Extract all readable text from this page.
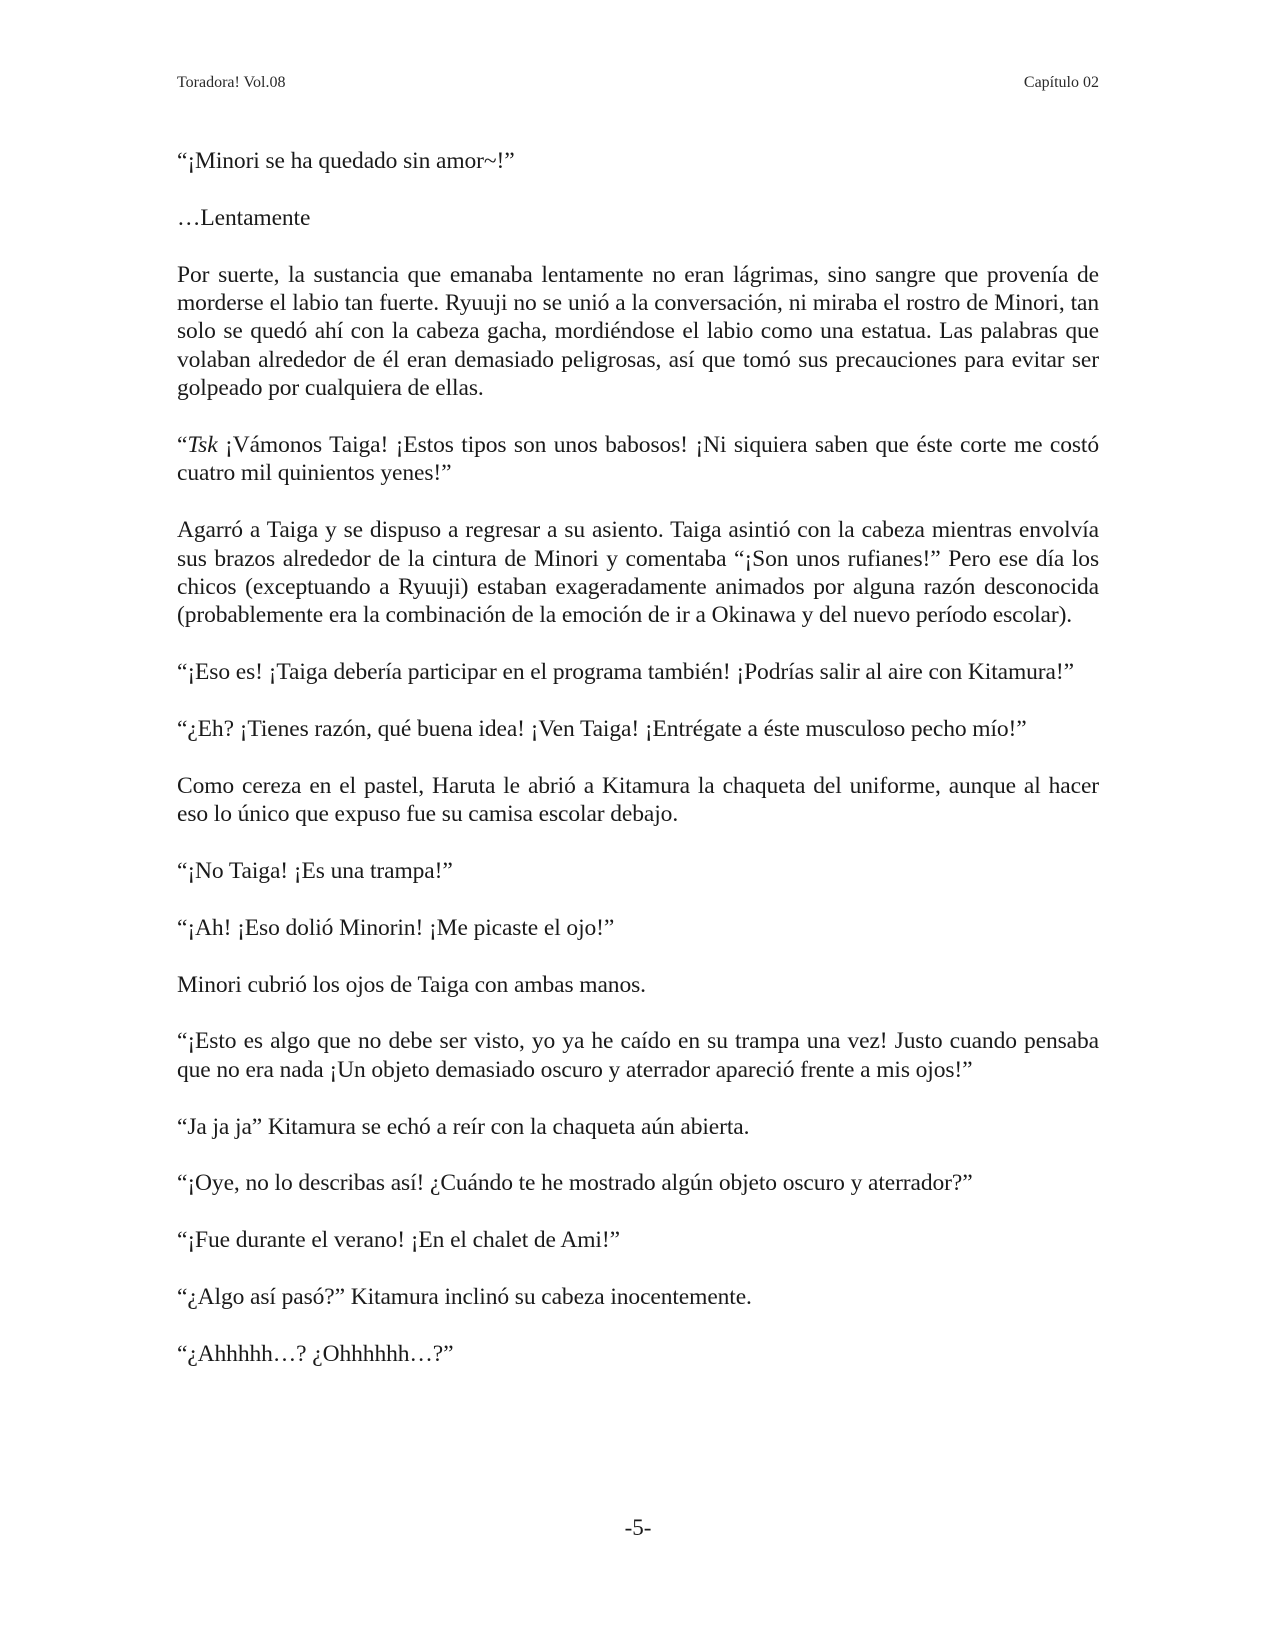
Toradora! Vol.08	Capítulo 02

“¡Minori se ha quedado sin amor~!”

…Lentamente

Por suerte, la sustancia que emanaba lentamente no eran lágrimas, sino sangre que provenía de morderse el labio tan fuerte. Ryuuji no se unió a la conversación, ni miraba el rostro de Minori, tan solo se quedó ahí con la cabeza gacha, mordiéndose el labio como una estatua. Las palabras que volaban alrededor de él eran demasiado peligrosas, así que tomó sus precauciones para evitar ser golpeado por cualquiera de ellas.

“Tsk ¡Vámonos Taiga! ¡Estos tipos son unos babosos! ¡Ni siquiera saben que éste corte me costó cuatro mil quinientos yenes!”

Agarró a Taiga y se dispuso a regresar a su asiento. Taiga asintió con la cabeza mientras envolvía sus brazos alrededor de la cintura de Minori y comentaba “¡Son unos rufianes!” Pero ese día los chicos (exceptuando a Ryuuji) estaban exageradamente animados por alguna razón desconocida (probablemente era la combinación de la emoción de ir a Okinawa y del nuevo período escolar).

“¡Eso es! ¡Taiga debería participar en el programa también! ¡Podrías salir al aire con Kitamura!”

“¿Eh? ¡Tienes razón, qué buena idea! ¡Ven Taiga! ¡Entrégate a éste musculoso pecho mío!”

Como cereza en el pastel, Haruta le abrió a Kitamura la chaqueta del uniforme, aunque al hacer eso lo único que expuso fue su camisa escolar debajo.

“¡No Taiga! ¡Es una trampa!”

“¡Ah! ¡Eso dolió Minorin! ¡Me picaste el ojo!”

Minori cubrió los ojos de Taiga con ambas manos.

“¡Esto es algo que no debe ser visto, yo ya he caído en su trampa una vez! Justo cuando pensaba que no era nada ¡Un objeto demasiado oscuro y aterrador apareció frente a mis ojos!”

“Ja ja ja” Kitamura se echó a reír con la chaqueta aún abierta.

“¡Oye, no lo describas así! ¿Cuándo te he mostrado algún objeto oscuro y aterrador?”

“¡Fue durante el verano! ¡En el chalet de Ami!”

“¿Algo así pasó?” Kitamura inclinó su cabeza inocentemente.

“¿Ahhhhh…? ¿Ohhhhhh…?”

-5-
